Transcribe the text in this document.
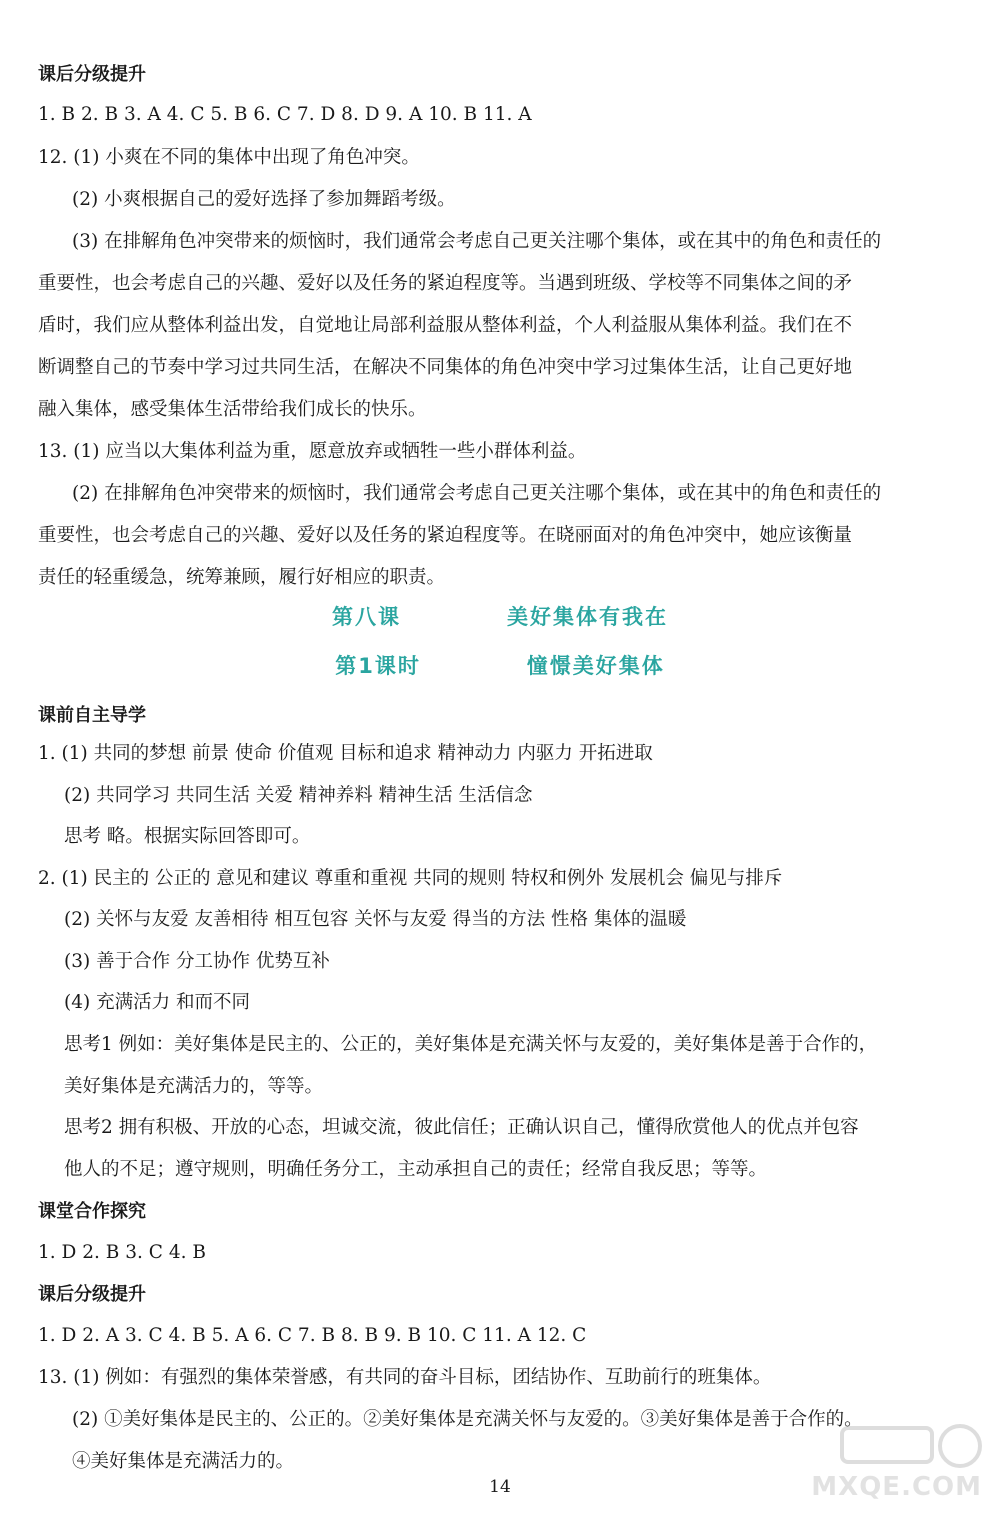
课后分级提升
1. B 2. B 3. A 4. C 5. B 6. C 7. D 8. D 9. A 10. B 11. A
12. (1) 小爽在不同的集体中出现了角色冲突。
(2) 小爽根据自己的爱好选择了参加舞蹈考级。
(3) 在排解角色冲突带来的烦恼时，我们通常会考虑自己更关注哪个集体，或在其中的角色和责任的
重要性，也会考虑自己的兴趣、爱好以及任务的紧迫程度等。当遇到班级、学校等不同集体之间的矛
盾时，我们应从整体利益出发，自觉地让局部利益服从整体利益，个人利益服从集体利益。我们在不
断调整自己的节奏中学习过共同生活，在解决不同集体的角色冲突中学习过集体生活，让自己更好地
融入集体，感受集体生活带给我们成长的快乐。
13. (1) 应当以大集体利益为重，愿意放弃或牺牲一些小群体利益。
(2) 在排解角色冲突带来的烦恼时，我们通常会考虑自己更关注哪个集体，或在其中的角色和责任的
重要性，也会考虑自己的兴趣、爱好以及任务的紧迫程度等。在晓丽面对的角色冲突中，她应该衡量
责任的轻重缓急，统筹兼顾，履行好相应的职责。
第八课   美好集体有我在
第1课时   憧憬美好集体
课前自主导学
1. (1) 共同的梦想 前景 使命 价值观 目标和追求 精神动力 内驱力 开拓进取
(2) 共同学习 共同生活 关爱 精神养料 精神生活 生活信念
思考 略。根据实际回答即可。
2. (1) 民主的 公正的 意见和建议 尊重和重视 共同的规则 特权和例外 发展机会 偏见与排斥
(2) 关怀与友爱 友善相待 相互包容 关怀与友爱 得当的方法 性格 集体的温暖
(3) 善于合作 分工协作 优势互补
(4) 充满活力 和而不同
思考1 例如：美好集体是民主的、公正的，美好集体是充满关怀与友爱的，美好集体是善于合作的，
美好集体是充满活力的，等等。
思考2 拥有积极、开放的心态，坦诚交流，彼此信任；正确认识自己，懂得欣赏他人的优点并包容
他人的不足；遵守规则，明确任务分工，主动承担自己的责任；经常自我反思；等等。
课堂合作探究
1. D 2. B 3. C 4. B
课后分级提升
1. D 2. A 3. C 4. B 5. A 6. C 7. B 8. B 9. B 10. C 11. A 12. C
13. (1) 例如：有强烈的集体荣誉感，有共同的奋斗目标，团结协作、互助前行的班集体。
(2) ①美好集体是民主的、公正的。②美好集体是充满关怀与友爱的。③美好集体是善于合作的。
④美好集体是充满活力的。
14	MXQE.COM
